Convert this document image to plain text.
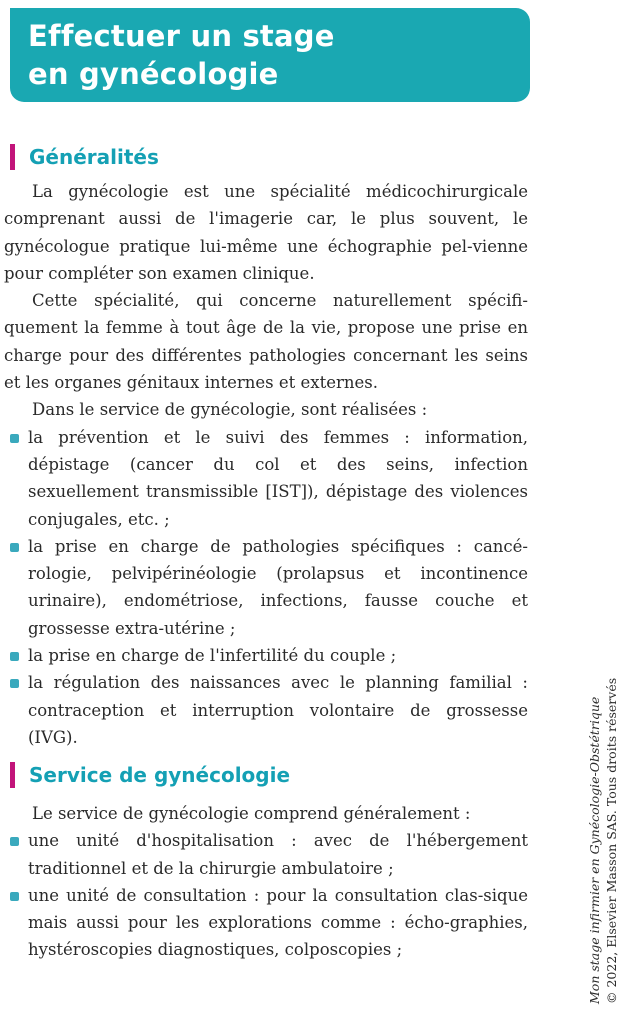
Effectuer un stage
en gynécologie
Généralités

La gynécologie est une spécialité médicochirurgicale comprenant aussi de l'imagerie car, le plus souvent, le gynécologue pratique lui-même une échographie pel-vienne pour compléter son examen clinique.

Cette spécialité, qui concerne naturellement spécifi-quement la femme à tout âge de la vie, propose une prise en charge pour des différentes pathologies concernant les seins et les organes génitaux internes et externes.

Dans le service de gynécologie, sont réalisées :

la prévention et le suivi des femmes : information, dépistage (cancer du col et des seins, infection sexuellement transmissible [IST]), dépistage des violences conjugales, etc. ;

la prise en charge de pathologies spécifiques : cancé-rologie, pelvipérinéologie (prolapsus et incontinence urinaire), endométriose, infections, fausse couche et grossesse extra-utérine ;

la prise en charge de l'infertilité du couple ;

la régulation des naissances avec le planning familial : contraception et interruption volontaire de grossesse (IVG).

Service de gynécologie

Le service de gynécologie comprend généralement :

une unité d'hospitalisation : avec de l'hébergement traditionnel et de la chirurgie ambulatoire ;

une unité de consultation : pour la consultation clas-sique mais aussi pour les explorations comme : écho-graphies, hystéroscopies diagnostiques, colposcopies ;	Mon stage infirmier en Gynécologie-Obstétrique © 2022, Elsevier Masson SAS. Tous droits réservés
